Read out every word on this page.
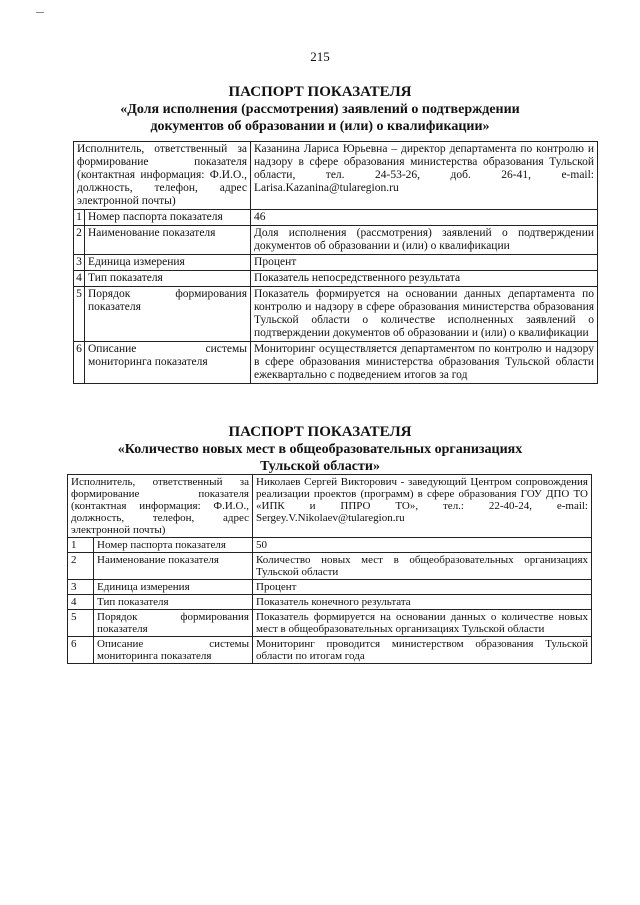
215
ПАСПОРТ ПОКАЗАТЕЛЯ
«Доля исполнения (рассмотрения) заявлений о подтверждении
документов об образовании и (или) о квалификации»
Исполнитель, ответственный за формирование показателя (контактная информация: Ф.И.О., должность, телефон, адрес электронной почты)		Казанина Лариса Юрьевна – директор департамента по контролю и надзору в сфере образования министерства образования Тульской области, тел. 24-53-26, доб. 26-41, e-mail: Larisa.Kazanina@tularegion.ru
1	Номер паспорта показателя	46
2	Наименование показателя	Доля исполнения (рассмотрения) заявлений о подтверждении документов об образовании и (или) о квалификации
3	Единица измерения	Процент
4	Тип показателя	Показатель непосредственного результата
5	Порядок формирования показателя	Показатель формируется на основании данных департамента по контролю и надзору в сфере образования министерства образования Тульской области о количестве исполненных заявлений о подтверждении документов об образовании и (или) о квалификации
6	Описание системы мониторинга показателя	Мониторинг осуществляется департаментом по контролю и надзору в сфере образования министерства образования Тульской области ежеквартально с подведением итогов за год
ПАСПОРТ ПОКАЗАТЕЛЯ
«Количество новых мест в общеобразовательных организациях
Тульской области»
Исполнитель, ответственный за формирование показателя (контактная информация: Ф.И.О., должность, телефон, адрес электронной почты)		Николаев Сергей Викторович - заведующий Центром сопровождения реализации проектов (программ) в сфере образования ГОУ ДПО ТО «ИПК и ППРО ТО», тел.: 22-40-24, e-mail: Sergey.V.Nikolaev@tularegion.ru
1	Номер паспорта показателя	50
2	Наименование показателя	Количество новых мест в общеобразовательных организациях Тульской области
3	Единица измерения	Процент
4	Тип показателя	Показатель конечного результата
5	Порядок формирования показателя	Показатель формируется на основании данных о количестве новых мест в общеобразовательных организациях Тульской области
6	Описание системы мониторинга показателя	Мониторинг проводится министерством образования Тульской области по итогам года
